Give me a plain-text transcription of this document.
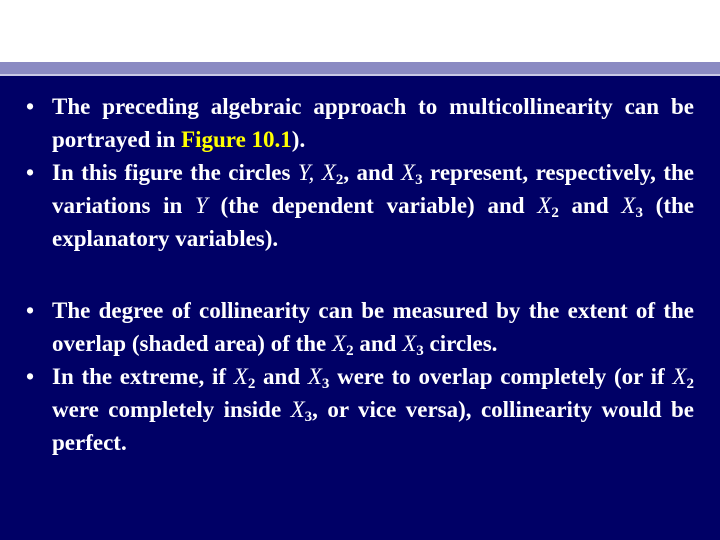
• The preceding algebraic approach to multicollinearity can be portrayed in Figure 10.1).
• In this figure the circles Y, $X_2$, and $X_3$ represent, respectively, the variations in Y (the dependent variable) and $X_2$ and $X_3$ (the explanatory variables).
• The degree of collinearity can be measured by the extent of the overlap (shaded area) of the $X_2$ and $X_3$ circles.
• In the extreme, if $X_2$ and $X_3$ were to overlap completely (or if $X_2$ were completely inside $X_3$, or vice versa), collinearity would be perfect.
